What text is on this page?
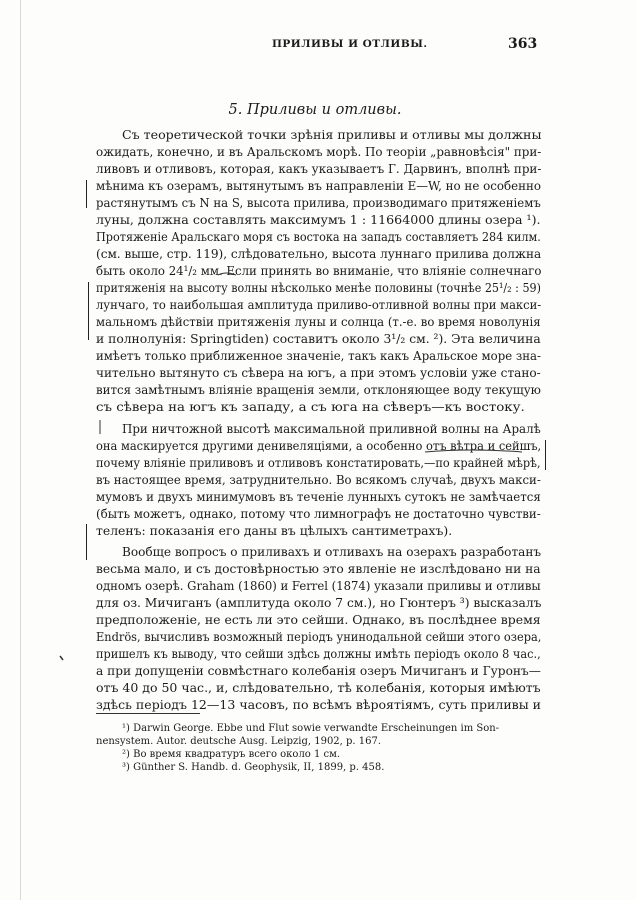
ПРИЛИВЫ И ОТЛИВЫ.	363
5. Приливы и отливы.
Съ теоретической точки зрѣнія приливы и отливы мы должны
ожидать, конечно, и въ Аральскомъ морѣ. По теоріи „равновѣсія" при-
ливовъ и отливовъ, которая, какъ указываетъ Г. Дарвинъ, вполнѣ при-
мѣнима къ озерамъ, вытянутымъ въ направленіи E—W, но не особенно
растянутымъ съ N на S, высота прилива, производимаго притяженіемъ
луны, должна составлять максимумъ 1 : 11664000 длины озера ¹).
Протяженіе Аральскаго моря съ востока на западъ составляетъ 284 килм.
(см. выше, стр. 119), слѣдовательно, высота луннаго прилива должна
быть около 24¹/₂ мм. Если принять во вниманіе, что вліяніе солнечнаго
притяженія на высоту волны нѣсколько менѣе половины (точнѣе 25¹/₂ : 59)
лунчаго, то наибольшая амплитуда приливо-отливной волны при макси-
мальномъ дѣйствіи притяженія луны и солнца (т.-е. во время новолунія
и полнолунія: Springtiden) составитъ около 3¹/₂ см. ²). Эта величина
имѣетъ только приближенное значеніе, такъ какъ Аральское море зна-
чительно вытянуто съ сѣвера на югъ, а при этомъ условіи уже стано-
вится замѣтнымъ вліяніе вращенія земли, отклоняющее воду текущую
съ сѣвера на югъ къ западу, а съ юга на сѣверъ—къ востоку.
При ничтожной высотѣ максимальной приливной волны на Аралѣ
она маскируется другими денивеляціями, а особенно отъ вѣтра и сейшъ,
почему вліяніе приливовъ и отливовъ констатировать,—по крайней мѣрѣ,
въ настоящее время, затруднительно. Во всякомъ случаѣ, двухъ макси-
мумовъ и двухъ минимумовъ въ теченіе лунныхъ сутокъ не замѣчается
(быть можетъ, однако, потому что лимнографъ не достаточно чувстви-
теленъ: показанія его даны въ цѣлыхъ сантиметрахъ).
Вообще вопросъ о приливахъ и отливахъ на озерахъ разработанъ
весьма мало, и съ достовѣрностью это явленіе не изслѣдовано ни на
одномъ озерѣ. Graham (1860) и Ferrel (1874) указали приливы и отливы
для оз. Мичиганъ (амплитуда около 7 см.), но Гюнтеръ ³) высказалъ
предположеніе, не есть ли это сейши. Однако, въ послѣднее время
Endrös, вычисливъ возможный періодъ унинодальной сейши этого озера,
пришелъ къ выводу, что сейши здѣсь должны имѣть періодъ около 8 час.,
а при допущеніи совмѣстнаго колебанія озеръ Мичиганъ и Гуронъ—
отъ 40 до 50 час., и, слѣдовательно, тѣ колебанія, которыя имѣютъ
здѣсь періодъ 12—13 часовъ, по всѣмъ вѣроятіямъ, суть приливы и
¹) Darwin George. Ebbe und Flut sowie verwandte Erscheinungen im Son-
nensystem. Autor. deutsche Ausg. Leipzig, 1902, p. 167.
²) Во время квадратуръ всего около 1 см.
³) Günther S. Handb. d. Geophysik, II, 1899, p. 458.
